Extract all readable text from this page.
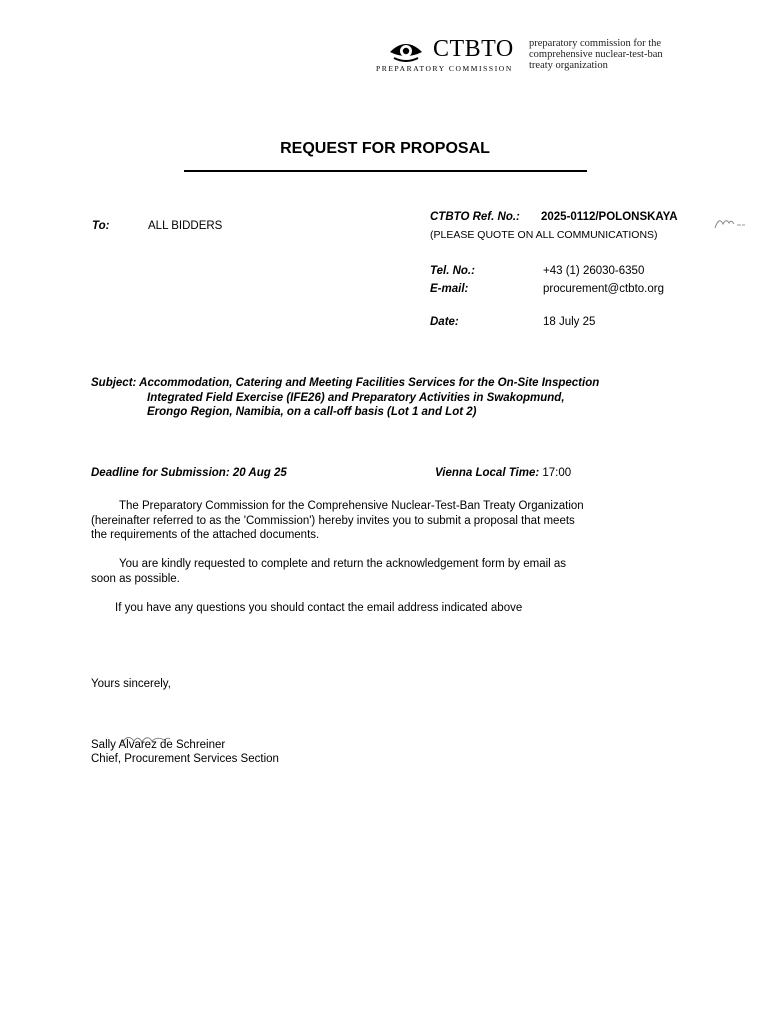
CTBTO
PREPARATORY COMMISSION
preparatory commission for the
comprehensive nuclear-test-ban
treaty organization
REQUEST FOR PROPOSAL
To:	ALL BIDDERS
CTBTO Ref. No.: 2025-0112/POLONSKAYA
(PLEASE QUOTE ON ALL COMMUNICATIONS)
Tel. No.:	+43 (1) 26030-6350
E-mail:	procurement@ctbto.org
Date:	18 July 25
Subject: Accommodation, Catering and Meeting Facilities Services for the On-Site Inspection
Integrated Field Exercise (IFE26) and Preparatory Activities in Swakopmund,
Erongo Region, Namibia, on a call-off basis (Lot 1 and Lot 2)
Deadline for Submission: 20 Aug 25	Vienna Local Time: 17:00
The Preparatory Commission for the Comprehensive Nuclear-Test-Ban Treaty Organization
(hereinafter referred to as the 'Commission') hereby invites you to submit a proposal that meets
the requirements of the attached documents.
You are kindly requested to complete and return the acknowledgement form by email as
soon as possible.
If you have any questions you should contact the email address indicated above
Yours sincerely,
Sally Alvarez de Schreiner
Chief, Procurement Services Section
